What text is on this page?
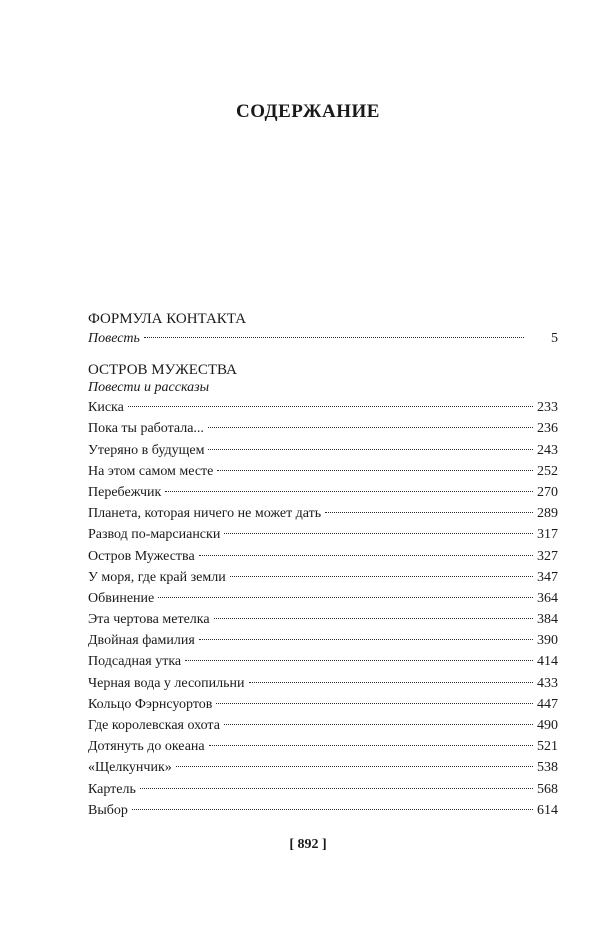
СОДЕРЖАНИЕ
ФОРМУЛА КОНТАКТА
Повесть	5
ОСТРОВ МУЖЕСТВА
Повести и рассказы
Киска	233
Пока ты работала...	236
Утеряно в будущем	243
На этом самом месте	252
Перебежчик	270
Планета, которая ничего не может дать	289
Развод по-марсиански	317
Остров Мужества	327
У моря, где край земли	347
Обвинение	364
Эта чертова метелка	384
Двойная фамилия	390
Подсадная утка	414
Черная вода у лесопильни	433
Кольцо Фэрнсуортов	447
Где королевская охота	490
Дотянуть до океана	521
«Щелкунчик»	538
Картель	568
Выбор	614
[ 892 ]
